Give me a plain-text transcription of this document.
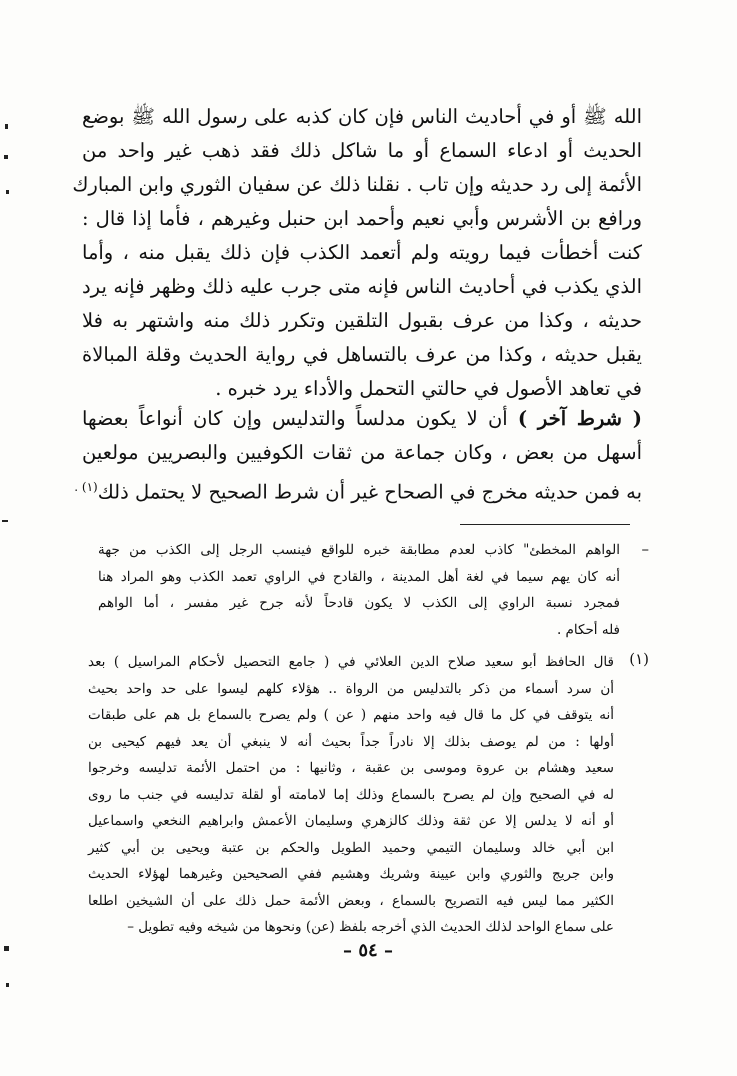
الله ﷺ أو في أحاديث الناس فإن كان كذبه على رسول الله ﷺ بوضع
الحديث أو ادعاء السماع أو ما شاكل ذلك فقد ذهب غير واحد من
الأئمة إلى رد حديثه وإن تاب . نقلنا ذلك عن سفيان الثوري وابن المبارك
ورافع بن الأشرس وأبي نعيم وأحمد ابن حنبل وغيرهم ، فأما إذا قال :
كنت أخطأت فيما رويته ولم أتعمد الكذب فإن ذلك يقبل منه ، وأما
الذي يكذب في أحاديث الناس فإنه متى جرب عليه ذلك وظهر فإنه يرد
حديثه ، وكذا من عرف بقبول التلقين وتكرر ذلك منه واشتهر به فلا
يقبل حديثه ، وكذا من عرف بالتساهل في رواية الحديث وقلة المبالاة
في تعاهد الأصول في حالتي التحمل والأداء يرد خبره .
( شرط آخر ) أن لا يكون مدلساً والتدليس وإن كان أنواعاً بعضها
أسهل من بعض ، وكان جماعة من ثقات الكوفيين والبصريين مولعين
به فمن حديثه مخرج في الصحاح غير أن شرط الصحيح لا يحتمل ذلك$^{(١) .}$
–
الواهم المخطئ" كاذب لعدم مطابقة خبره للواقع فينسب الرجل إلى الكذب من جهة
أنه كان يهم سيما في لغة أهل المدينة ، والقادح في الراوي تعمد الكذب وهو المراد هنا
فمجرد نسبة الراوي إلى الكذب لا يكون قادحاً لأنه جرح غير مفسر ، أما الواهم
فله أحكام .
(١)
قال الحافظ أبو سعيد صلاح الدين العلائي في ( جامع التحصيل لأحكام المراسيل ) بعد
أن سرد أسماء من ذكر بالتدليس من الرواة .. هؤلاء كلهم ليسوا على حد واحد بحيث
أنه يتوقف في كل ما قال فيه واحد منهم ( عن ) ولم يصرح بالسماع بل هم على طبقات
أولها : من لم يوصف بذلك إلا نادراً جداً بحيث أنه لا ينبغي أن يعد فيهم كيحيى بن
سعيد وهشام بن عروة وموسى بن عقبة ، وثانيها : من احتمل الأئمة تدليسه وخرجوا
له في الصحيح وإن لم يصرح بالسماع وذلك إما لامامته أو لقلة تدليسه في جنب ما روى
أو أنه لا يدلس إلا عن ثقة وذلك كالزهري وسليمان الأعمش وابراهيم النخعي واسماعيل
ابن أبي خالد وسليمان التيمي وحميد الطويل والحكم بن عتبة ويحيى بن أبي كثير
وابن جريج والثوري وابن عيينة وشريك وهشيم ففي الصحيحين وغيرهما لهؤلاء الحديث
الكثير مما ليس فيه التصريح بالسماع ، وبعض الأئمة حمل ذلك على أن الشيخين اطلعا
على سماع الواحد لذلك الحديث الذي أخرجه بلفظ (عن) ونحوها من شيخه وفيه تطويل –
– ٥٤ –
